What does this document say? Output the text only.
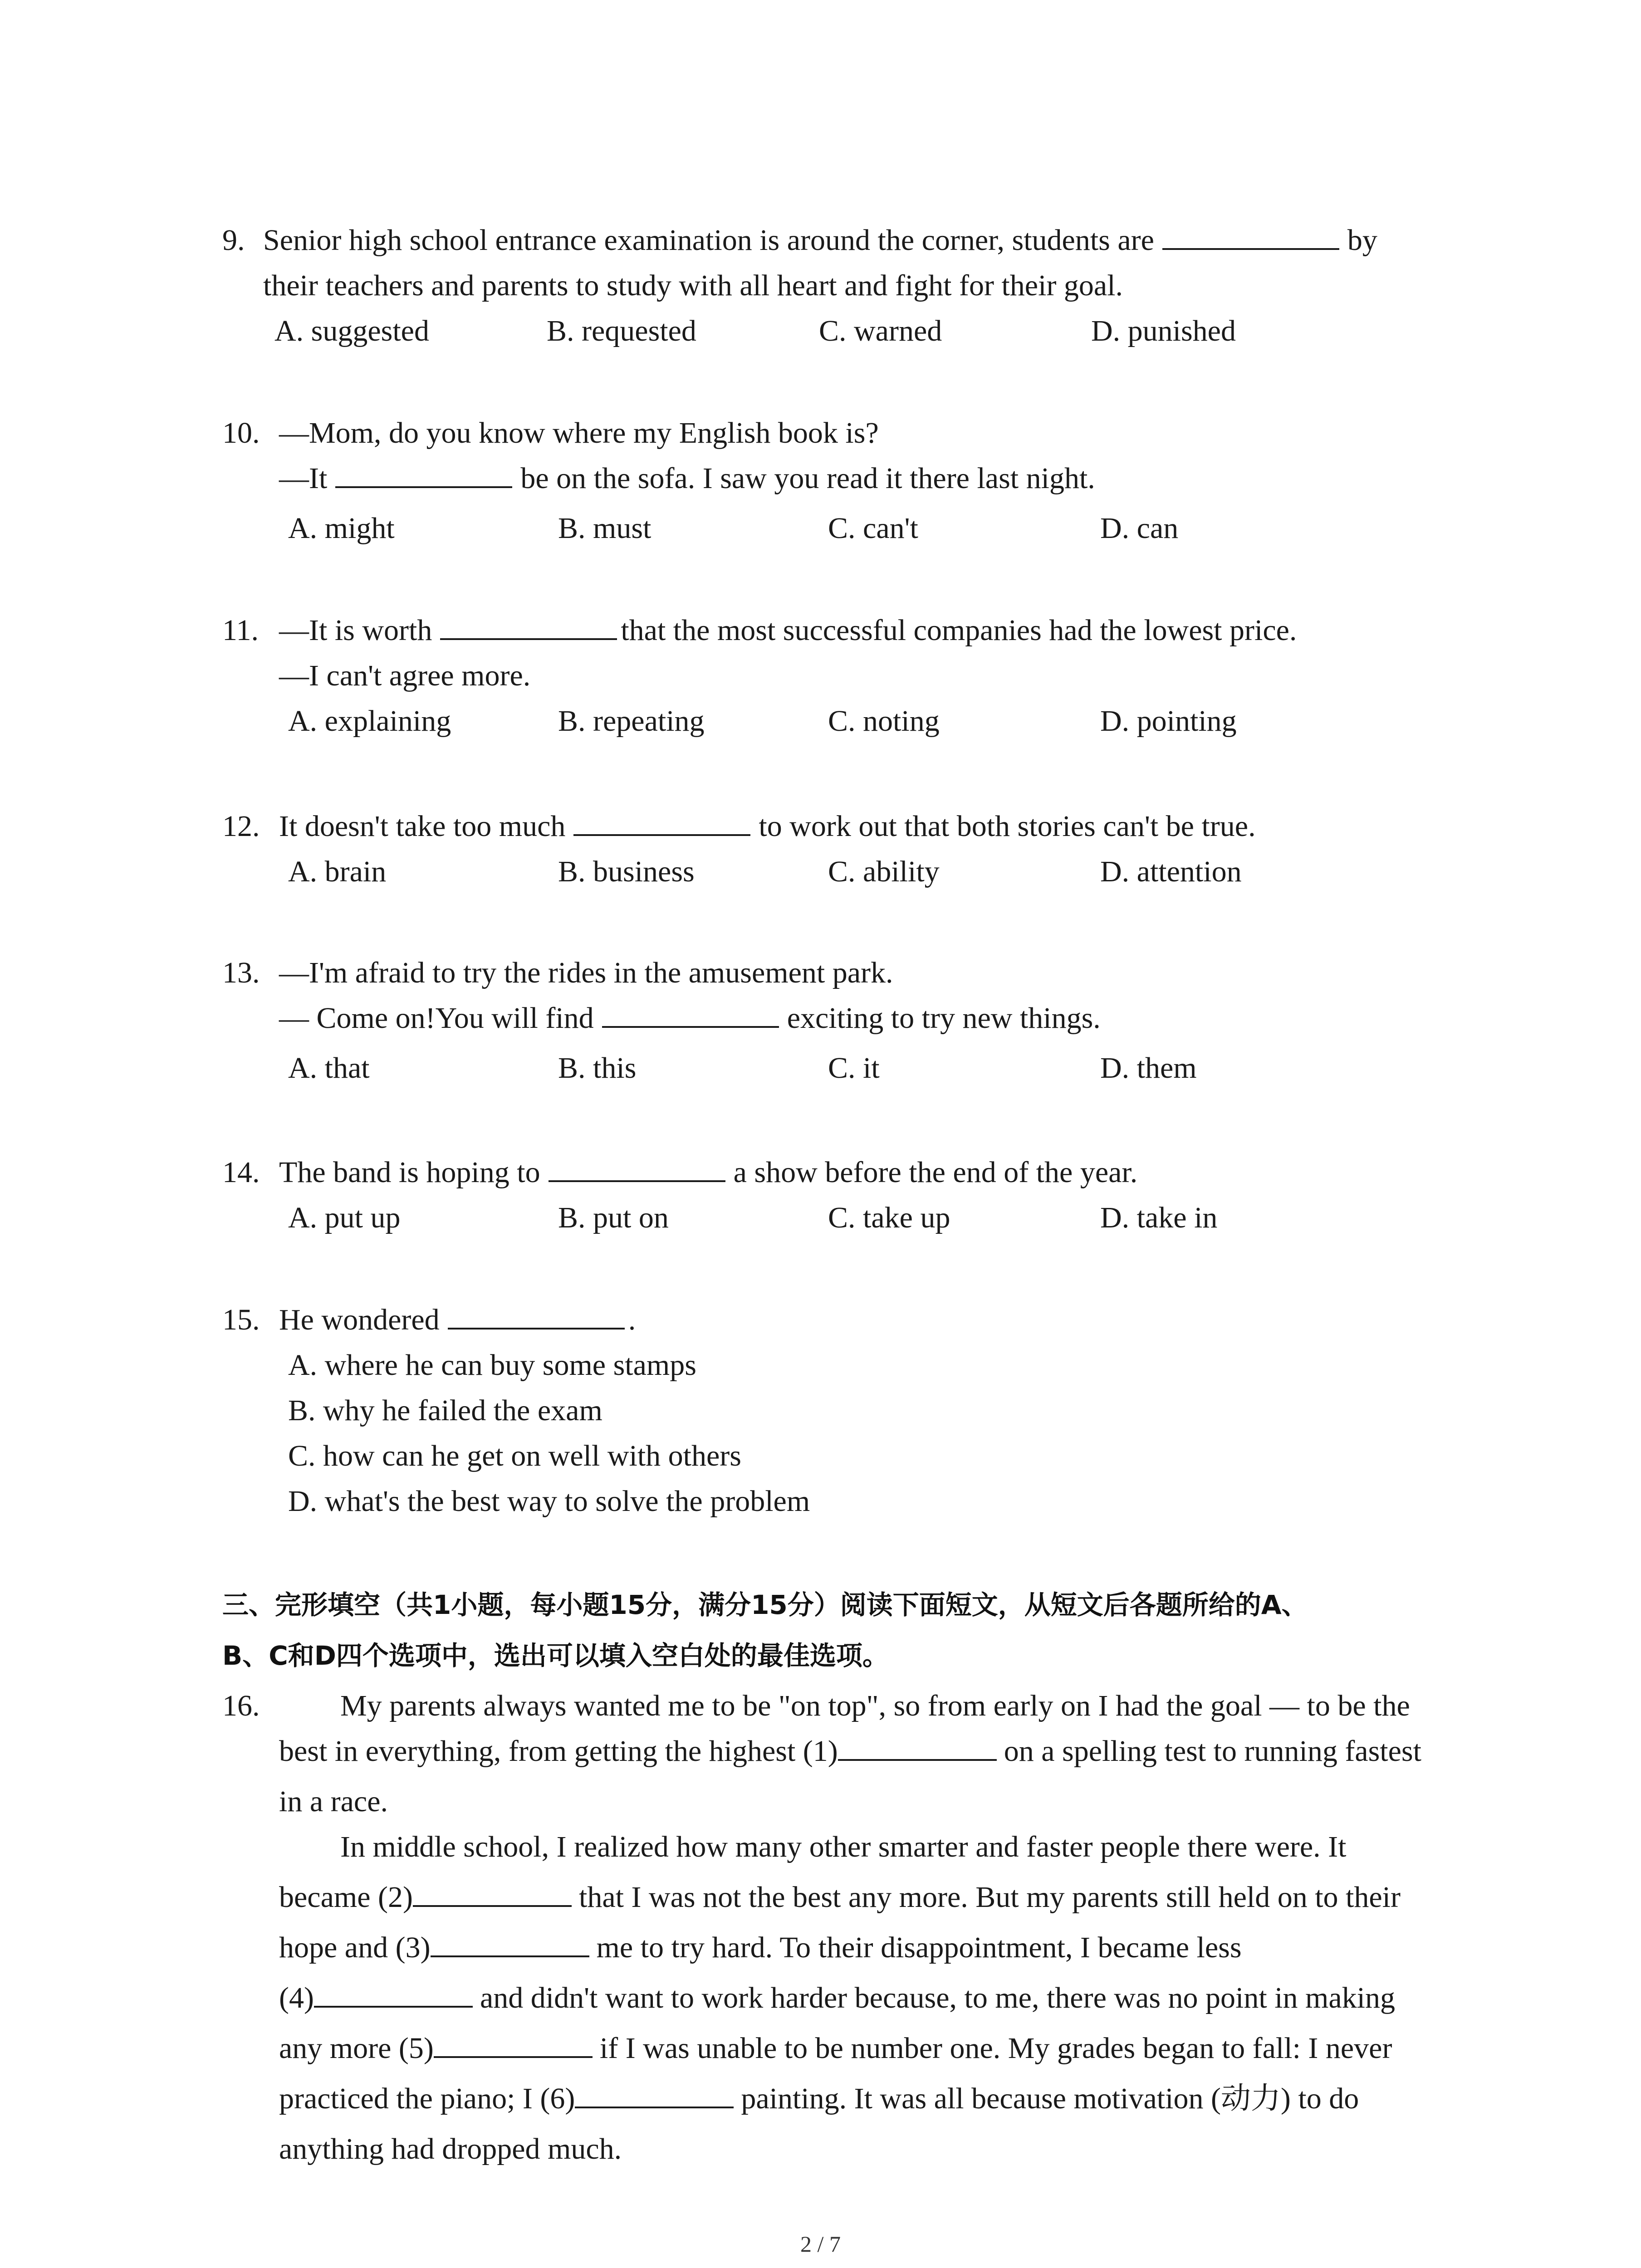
9. Senior high school entrance examination is around the corner, students are	by
their teachers and parents to study with all heart and fight for their goal.
A. suggested	B. requested	C. warned	D. punished
10. —Mom, do you know where my English book is?
—It	be on the sofa. I saw you read it there last night.
A. might	B. must	C. can't	D. can
11. —It is worth	that the most successful companies had the lowest price.
—I can't agree more.
A. explaining	B. repeating	C. noting	D. pointing
12. It doesn't take too much	to work out that both stories can't be true.
A. brain	B. business	C. ability	D. attention
13. —I'm afraid to try the rides in the amusement park.
— Come on!You will find	exciting to try new things.
A. that	B. this	C. it	D. them
14. The band is hoping to	a show before the end of the year.
A. put up	B. put on	C. take up	D. take in
15. He wondered	.
A. where he can buy some stamps
B. why he failed the exam
C. how can he get on well with others
D. what's the best way to solve the problem
三、完形填空（共1小题，每小题15分，满分15分）阅读下面短文，从短文后各题所给的A、
B、C和D四个选项中，选出可以填入空白处的最佳选项。
16.	My parents always wanted me to be "on top", so from early on I had the goal — to be the
best in everything, from getting the highest (1)	on a spelling test to running fastest
in a race.
In middle school, I realized how many other smarter and faster people there were. It
became (2)	that I was not the best any more. But my parents still held on to their
hope and (3)	me to try hard. To their disappointment, I became less
(4)	and didn't want to work harder because, to me, there was no point in making
any more (5)	if I was unable to be number one. My grades began to fall: I never
practiced the piano; I (6)	painting. It was all because motivation (动力) to do
anything had dropped much.
2 / 7
